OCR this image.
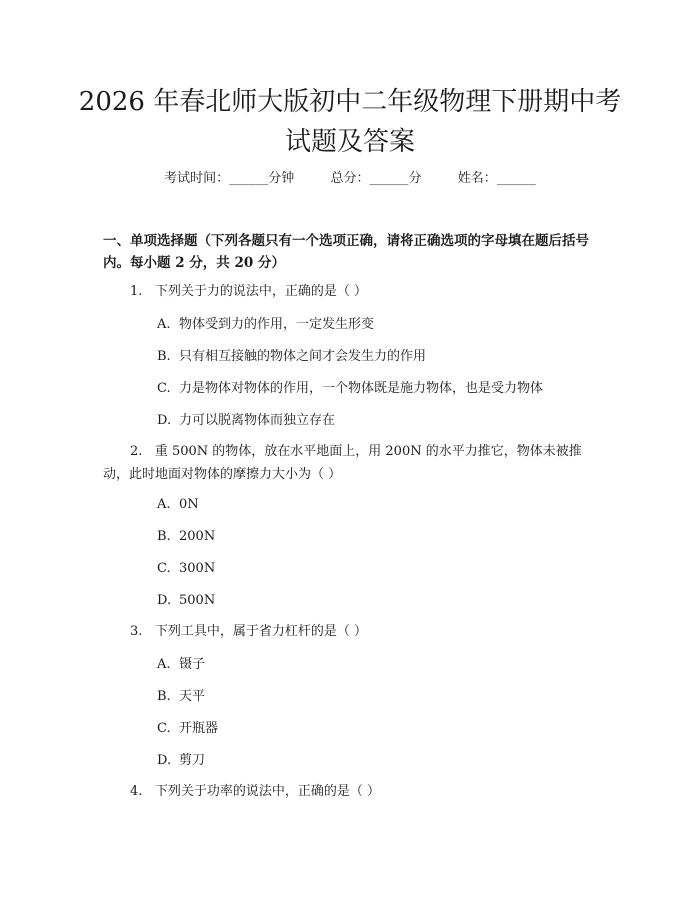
2026 年春北师大版初中二年级物理下册期中考试题及答案
考试时间：______分钟	总分：______分	姓名：______
一、单项选择题（下列各题只有一个选项正确，请将正确选项的字母填在题后括号内。每小题 2 分，共 20 分）
1. 下列关于力的说法中，正确的是（ ）
A. 物体受到力的作用，一定发生形变
B. 只有相互接触的物体之间才会发生力的作用
C. 力是物体对物体的作用，一个物体既是施力物体，也是受力物体
D. 力可以脱离物体而独立存在
2. 重 500N 的物体，放在水平地面上，用 200N 的水平力推它，物体未被推动，此时地面对物体的摩擦力大小为（ ）
A. 0N
B. 200N
C. 300N
D. 500N
3. 下列工具中，属于省力杠杆的是（ ）
A. 镊子
B. 天平
C. 开瓶器
D. 剪刀
4. 下列关于功率的说法中，正确的是（ ）
